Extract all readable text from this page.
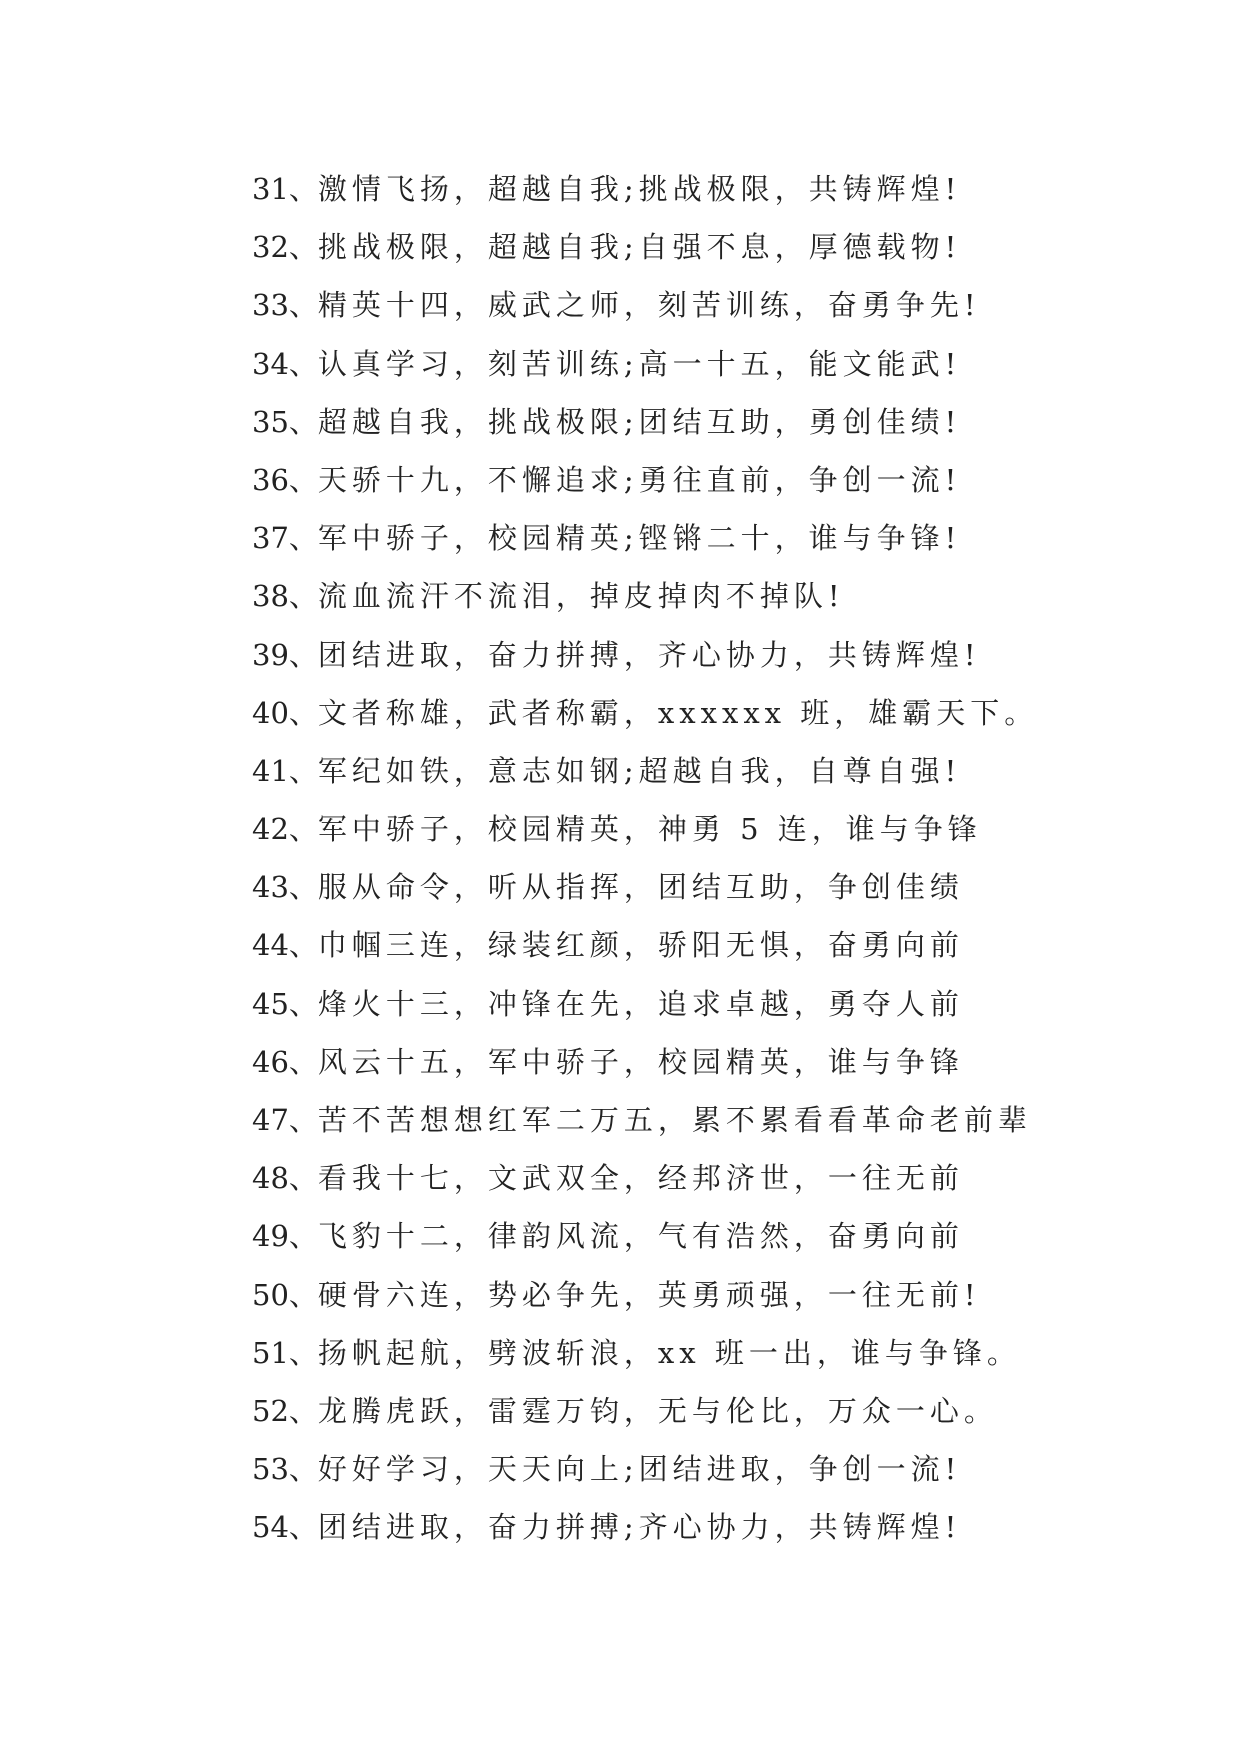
31、激情飞扬，超越自我;挑战极限，共铸辉煌!
32、挑战极限，超越自我;自强不息，厚德载物!
33、精英十四，威武之师，刻苦训练，奋勇争先!
34、认真学习，刻苦训练;高一十五，能文能武!
35、超越自我，挑战极限;团结互助，勇创佳绩!
36、天骄十九，不懈追求;勇往直前，争创一流!
37、军中骄子，校园精英;铿锵二十，谁与争锋!
38、流血流汗不流泪，掉皮掉肉不掉队!
39、团结进取，奋力拼搏，齐心协力，共铸辉煌!
40、文者称雄，武者称霸，xxxxxx 班，雄霸天下。
41、军纪如铁，意志如钢;超越自我，自尊自强!
42、军中骄子，校园精英，神勇 5 连，谁与争锋
43、服从命令，听从指挥，团结互助，争创佳绩
44、巾帼三连，绿装红颜，骄阳无惧，奋勇向前
45、烽火十三，冲锋在先，追求卓越，勇夺人前
46、风云十五，军中骄子，校园精英，谁与争锋
47、苦不苦想想红军二万五，累不累看看革命老前辈
48、看我十七，文武双全，经邦济世，一往无前
49、飞豹十二，律韵风流，气有浩然，奋勇向前
50、硬骨六连，势必争先，英勇顽强，一往无前!
51、扬帆起航，劈波斩浪，xx 班一出，谁与争锋。
52、龙腾虎跃，雷霆万钧，无与伦比，万众一心。
53、好好学习，天天向上;团结进取，争创一流!
54、团结进取，奋力拼搏;齐心协力，共铸辉煌!
